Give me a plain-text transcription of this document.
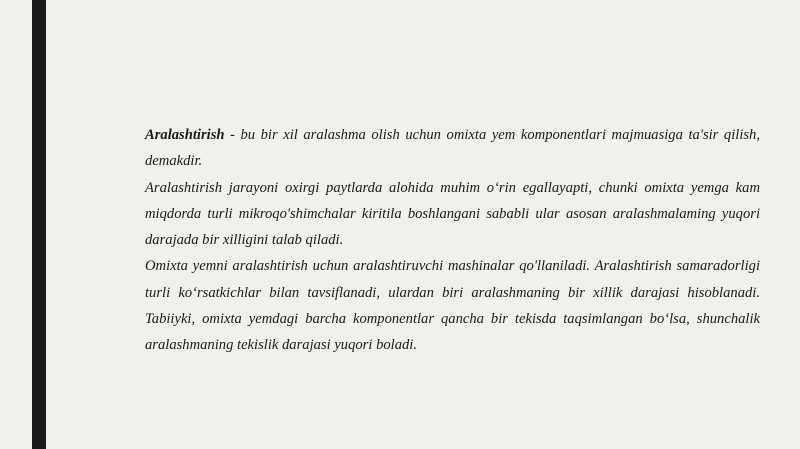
Aralashtirish - bu bir xil aralashma olish uchun omixta yem komponentlari majmuasiga ta'sir qilish, demakdir.

Aralashtirish jarayoni oxirgi paytlarda alohida muhim o‘rin egallayapti, chunki omixta yemga kam miqdorda turli mikroqo'shimchalar kiritila boshlangani sababli ular asosan aralashmalaming yuqori darajada bir xilligini talab qiladi.

Omixta yemni aralashtirish uchun aralashtiruvchi mashinalar qo'llaniladi. Aralashtirish samaradorligi turli ko‘rsatkichlar bilan tavsiflanadi, ulardan biri aralashmaning bir xillik darajasi hisoblanadi. Tabiiyki, omixta yemdagi barcha komponentlar qancha bir tekisda taqsimlangan bo‘lsa, shunchalik aralashmaning tekislik darajasi yuqori boladi.
